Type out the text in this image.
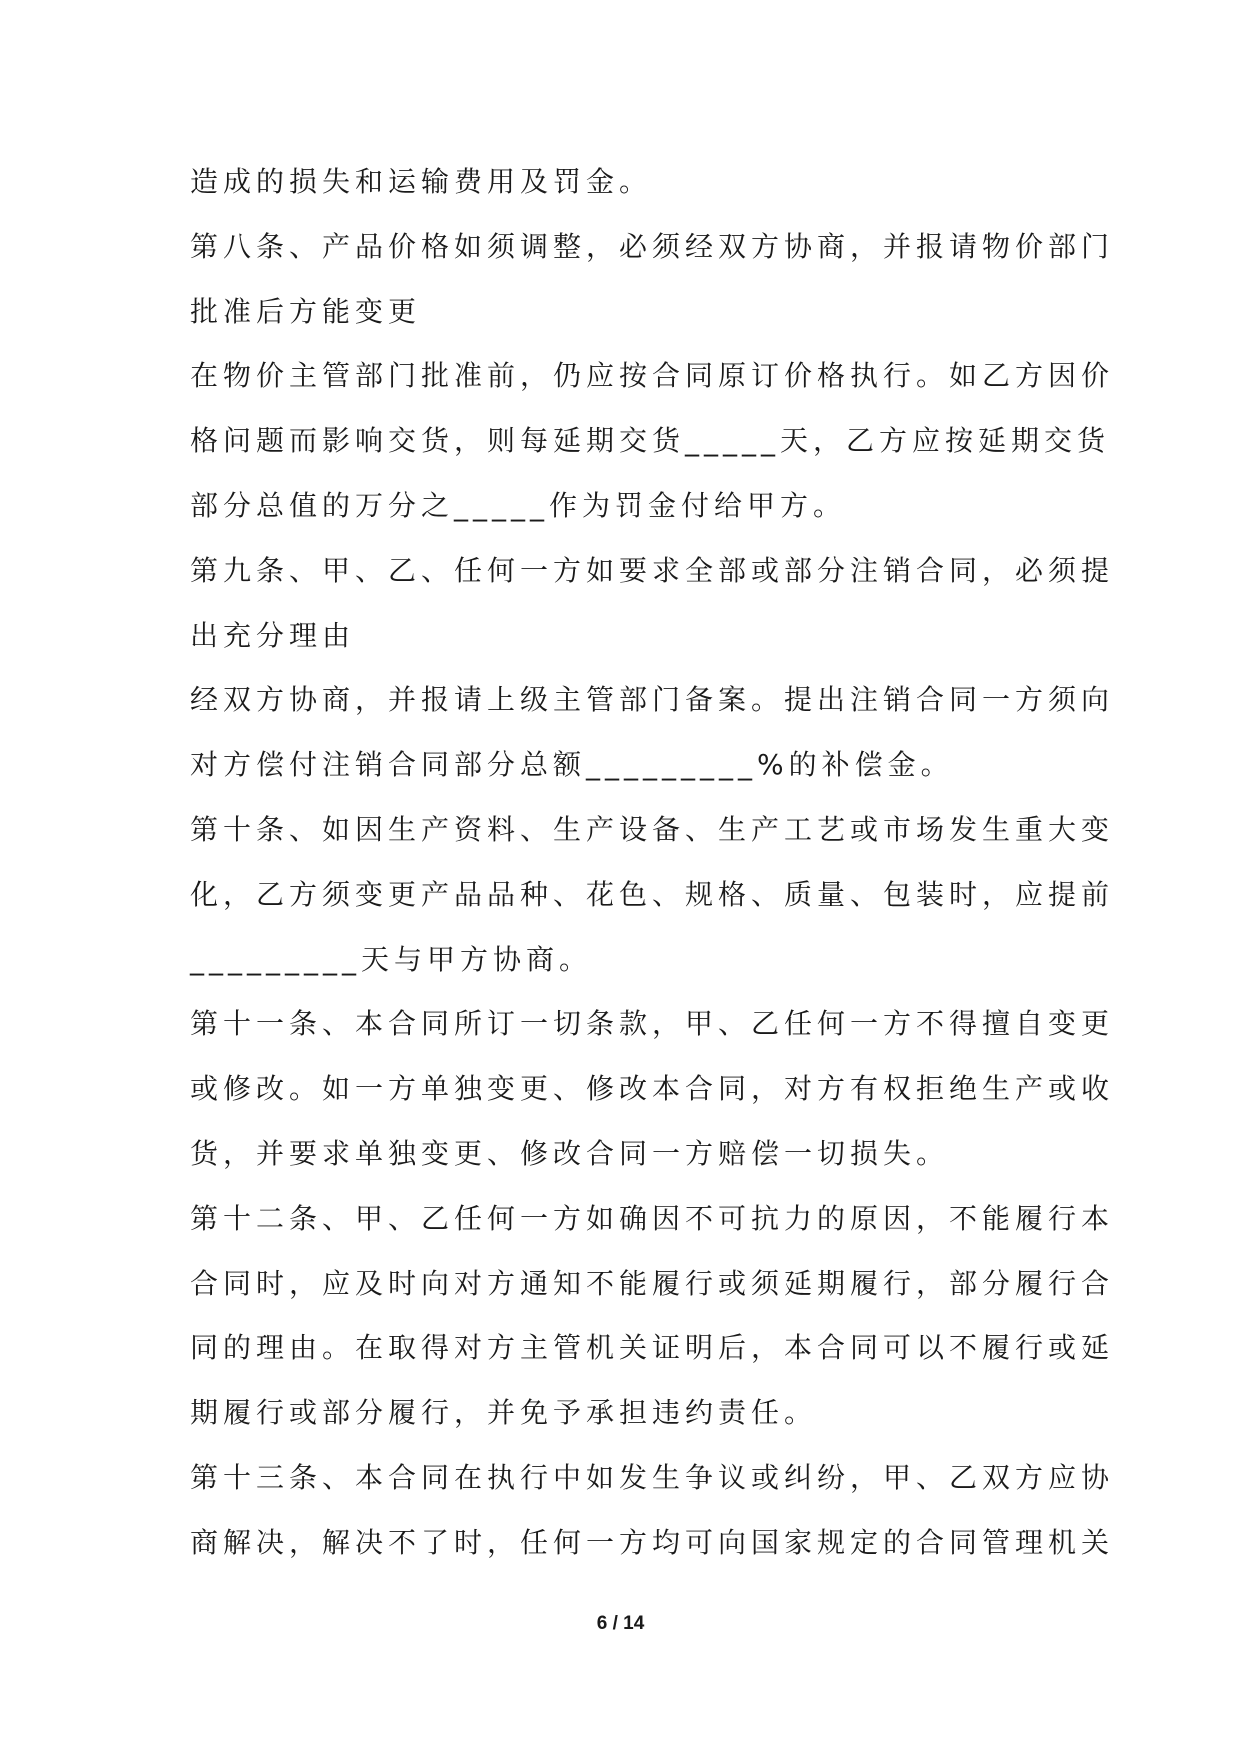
造成的损失和运输费用及罚金。
第八条、产品价格如须调整，必须经双方协商，并报请物价部门
批准后方能变更
在物价主管部门批准前，仍应按合同原订价格执行。如乙方因价
格问题而影响交货，则每延期交货_____天，乙方应按延期交货
部分总值的万分之_____作为罚金付给甲方。
第九条、甲、乙、任何一方如要求全部或部分注销合同，必须提
出充分理由
经双方协商，并报请上级主管部门备案。提出注销合同一方须向
对方偿付注销合同部分总额_________%的补偿金。
第十条、如因生产资料、生产设备、生产工艺或市场发生重大变
化，乙方须变更产品品种、花色、规格、质量、包装时，应提前
_________天与甲方协商。
第十一条、本合同所订一切条款，甲、乙任何一方不得擅自变更
或修改。如一方单独变更、修改本合同，对方有权拒绝生产或收
货，并要求单独变更、修改合同一方赔偿一切损失。
第十二条、甲、乙任何一方如确因不可抗力的原因，不能履行本
合同时，应及时向对方通知不能履行或须延期履行，部分履行合
同的理由。在取得对方主管机关证明后，本合同可以不履行或延
期履行或部分履行，并免予承担违约责任。
第十三条、本合同在执行中如发生争议或纠纷，甲、乙双方应协
商解决，解决不了时，任何一方均可向国家规定的合同管理机关
6 / 14
